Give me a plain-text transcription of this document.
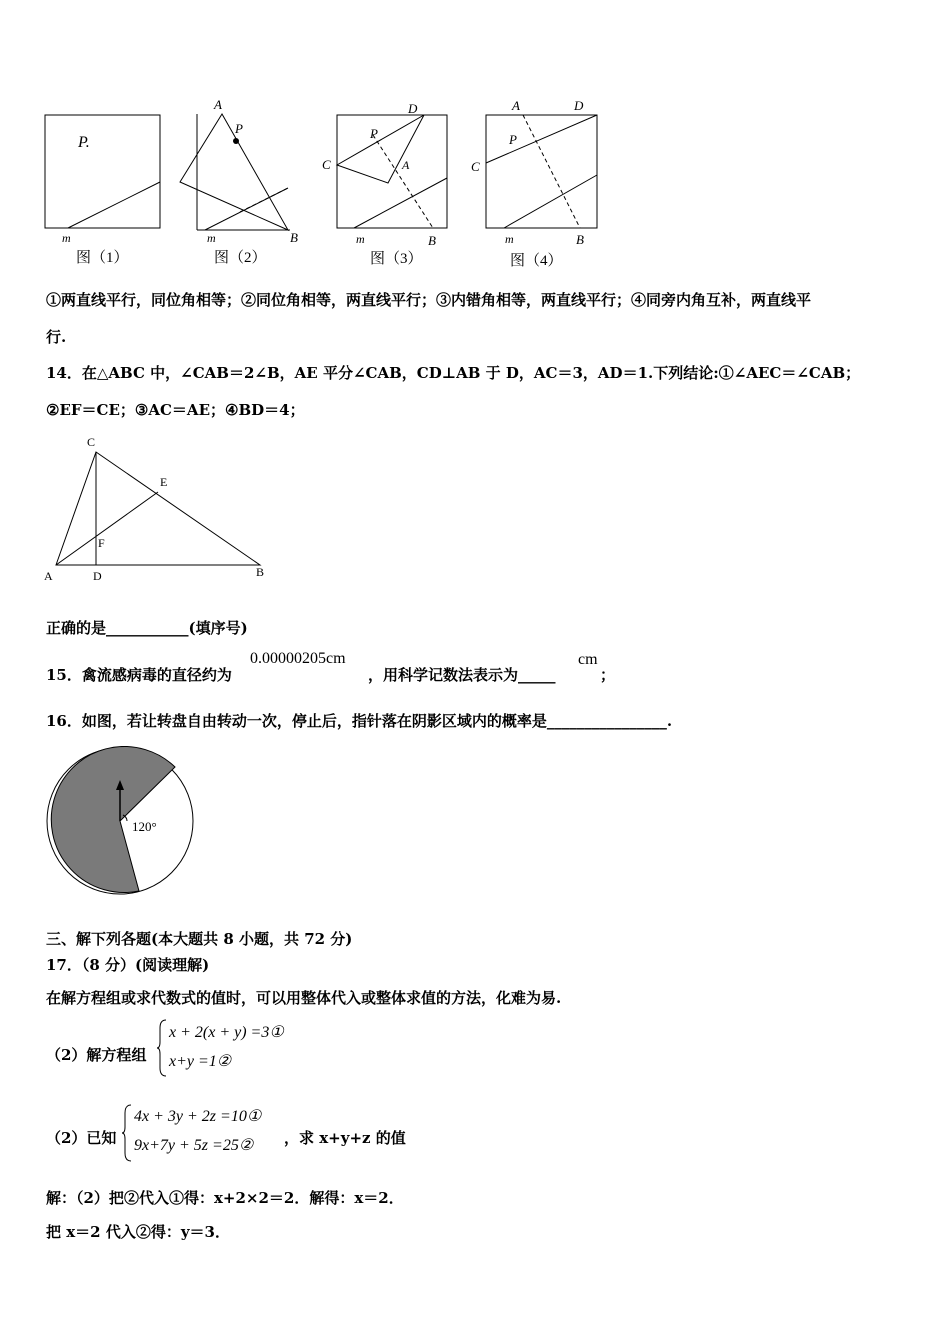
P.
m
图（1）
A
P
m	B
图（2）
D
P
C	A
m	B
图（3）
A	D
P
C
m	B
图（4）
①两直线平行，同位角相等；②同位角相等，两直线平行；③内错角相等，两直线平行；④同旁内角互补，两直线平
行.
14．在△ABC 中，∠CAB＝2∠B，AE 平分∠CAB，CD⊥AB 于 D，AC＝3，AD＝1.下列结论:①∠AEC＝∠CAB；
②EF＝CE；③AC＝AE；④BD＝4；
C
E
F
A	D	B
正确的是___________(填序号)
15．禽流感病毒的直径约为
0.00000205cm
，用科学记数法表示为_____
cm
；
16．如图，若让转盘自由转动一次，停止后，指针落在阴影区域内的概率是________________.
120°
三、解下列各题(本大题共 8 小题，共 72 分)
17．（8 分）(阅读理解)
在解方程组或求代数式的值时，可以用整体代入或整体求值的方法，化难为易.
（2）解方程组
x + 2(x + y) =3①
x+y =1②
（2）已知
4x + 3y + 2z =10①
9x+7y + 5z =25② ，求 x+y+z 的值
解：（2）把②代入①得：x+2×2＝2．解得：x＝2．
把 x＝2 代入②得：y＝3．
